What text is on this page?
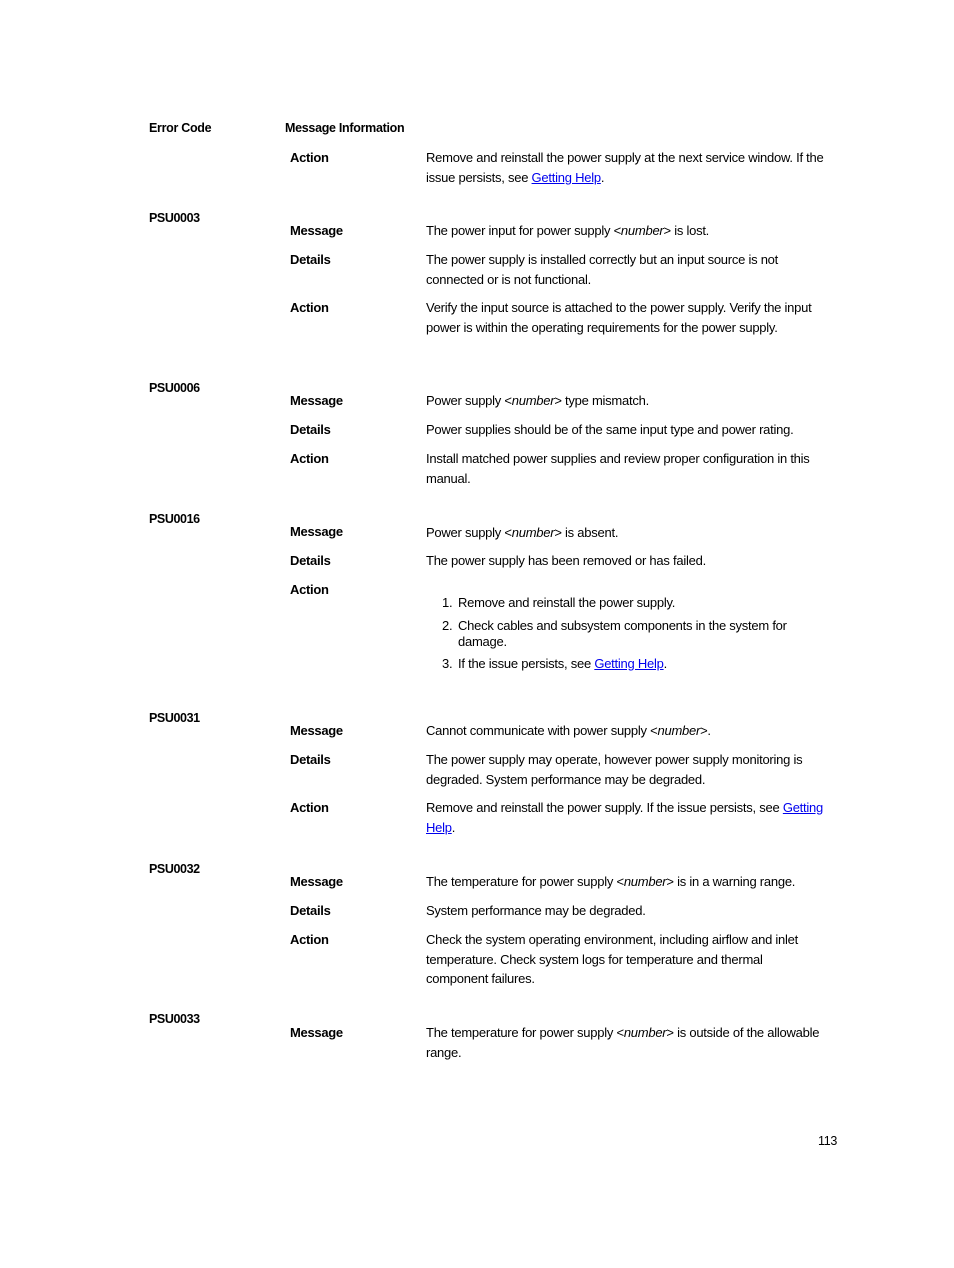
Error Code	Message Information
Action	Remove and reinstall the power supply at the next service window. If the issue persists, see Getting Help.
PSU0003
Message	The power input for power supply <number> is lost.
Details	The power supply is installed correctly but an input source is not connected or is not functional.
Action	Verify the input source is attached to the power supply. Verify the input power is within the operating requirements for the power supply.
PSU0006
Message	Power supply <number> type mismatch.
Details	Power supplies should be of the same input type and power rating.
Action	Install matched power supplies and review proper configuration in this manual.
PSU0016
Message	Power supply <number> is absent.
Details	The power supply has been removed or has failed.
Action
1. Remove and reinstall the power supply.
2. Check cables and subsystem components in the system for damage.
3. If the issue persists, see Getting Help.
PSU0031
Message	Cannot communicate with power supply <number>.
Details	The power supply may operate, however power supply monitoring is degraded. System performance may be degraded.
Action	Remove and reinstall the power supply. If the issue persists, see Getting Help.
PSU0032
Message	The temperature for power supply <number> is in a warning range.
Details	System performance may be degraded.
Action	Check the system operating environment, including airflow and inlet temperature. Check system logs for temperature and thermal component failures.
PSU0033
Message	The temperature for power supply <number> is outside of the allowable range.
113
